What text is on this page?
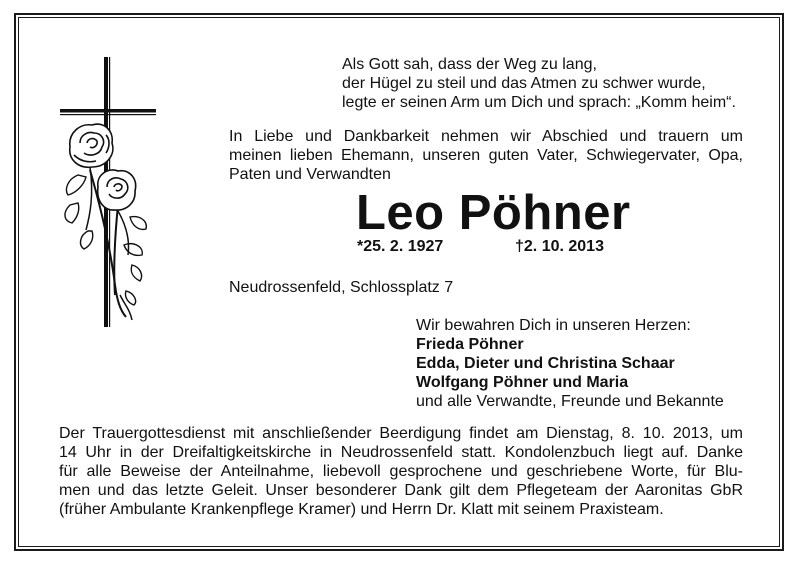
Als Gott sah, dass der Weg zu lang,
der Hügel zu steil und das Atmen zu schwer wurde,
legte er seinen Arm um Dich und sprach: „Komm heim“.
In Liebe und Dankbarkeit nehmen wir Abschied und trauern um
meinen lieben Ehemann, unseren guten Vater, Schwiegervater, Opa,
Paten und Verwandten
Leo Pöhner
*25. 2. 1927	†2. 10. 2013
Neudrossenfeld, Schlossplatz 7
Wir bewahren Dich in unseren Herzen:
Frieda Pöhner
Edda, Dieter und Christina Schaar
Wolfgang Pöhner und Maria
und alle Verwandte, Freunde und Bekannte
Der Trauergottesdienst mit anschließender Beerdigung findet am Dienstag, 8. 10. 2013, um
14 Uhr in der Dreifaltigkeitskirche in Neudrossenfeld statt. Kondolenzbuch liegt auf. Danke
für alle Beweise der Anteilnahme, liebevoll gesprochene und geschriebene Worte, für Blu-
men und das letzte Geleit. Unser besonderer Dank gilt dem Pflegeteam der Aaronitas GbR
(früher Ambulante Krankenpflege Kramer) und Herrn Dr. Klatt mit seinem Praxisteam.
